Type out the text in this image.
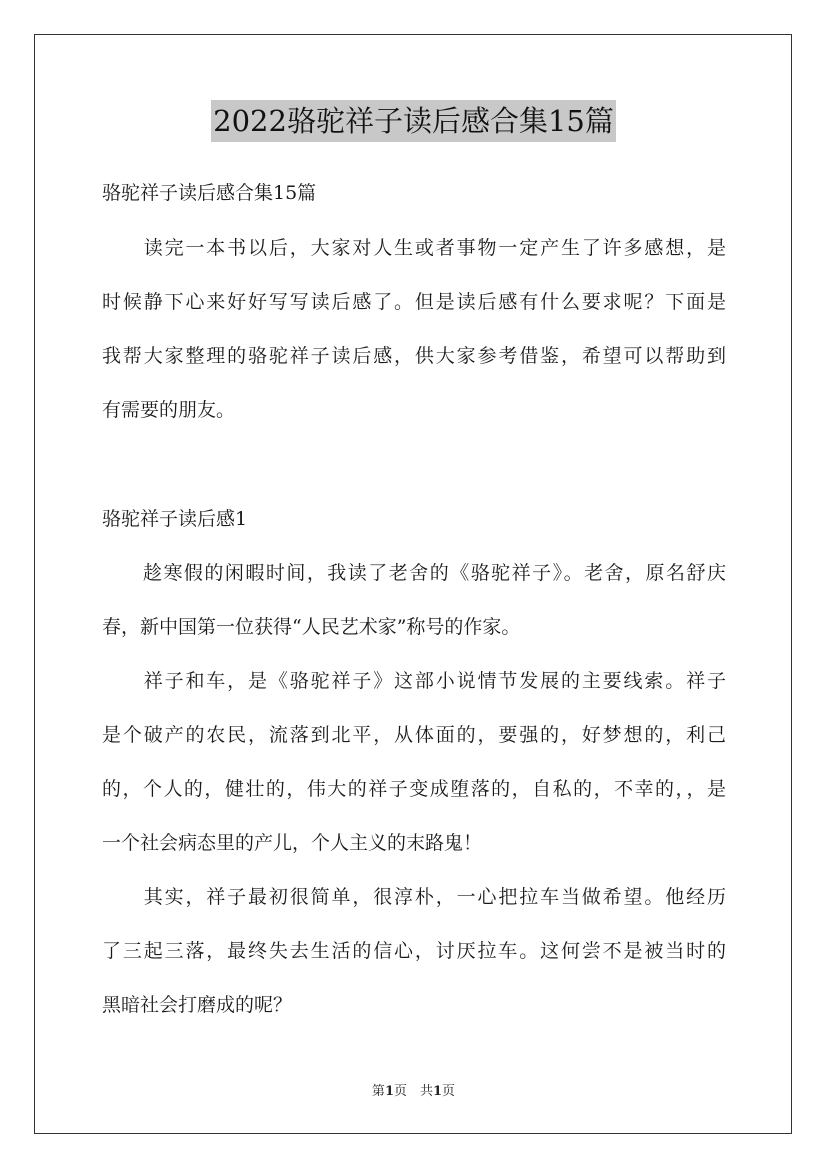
2022骆驼祥子读后感合集15篇
骆驼祥子读后感合集15篇
　　读完一本书以后，大家对人生或者事物一定产生了许多感想，是
时候静下心来好好写写读后感了。但是读后感有什么要求呢？下面是
我帮大家整理的骆驼祥子读后感，供大家参考借鉴，希望可以帮助到
有需要的朋友。
骆驼祥子读后感1
　　趁寒假的闲暇时间，我读了老舍的《骆驼祥子》。老舍，原名舒庆
春，新中国第一位获得“人民艺术家”称号的作家。
　　祥子和车，是《骆驼祥子》这部小说情节发展的主要线索。祥子
是个破产的农民，流落到北平，从体面的，要强的，好梦想的，利己
的，个人的，健壮的，伟大的祥子变成堕落的，自私的，不幸的，，是
一个社会病态里的产儿，个人主义的末路鬼！
　　其实，祥子最初很简单，很淳朴，一心把拉车当做希望。他经历
了三起三落，最终失去生活的信心，讨厌拉车。这何尝不是被当时的
黑暗社会打磨成的呢？
第1页　共1页
